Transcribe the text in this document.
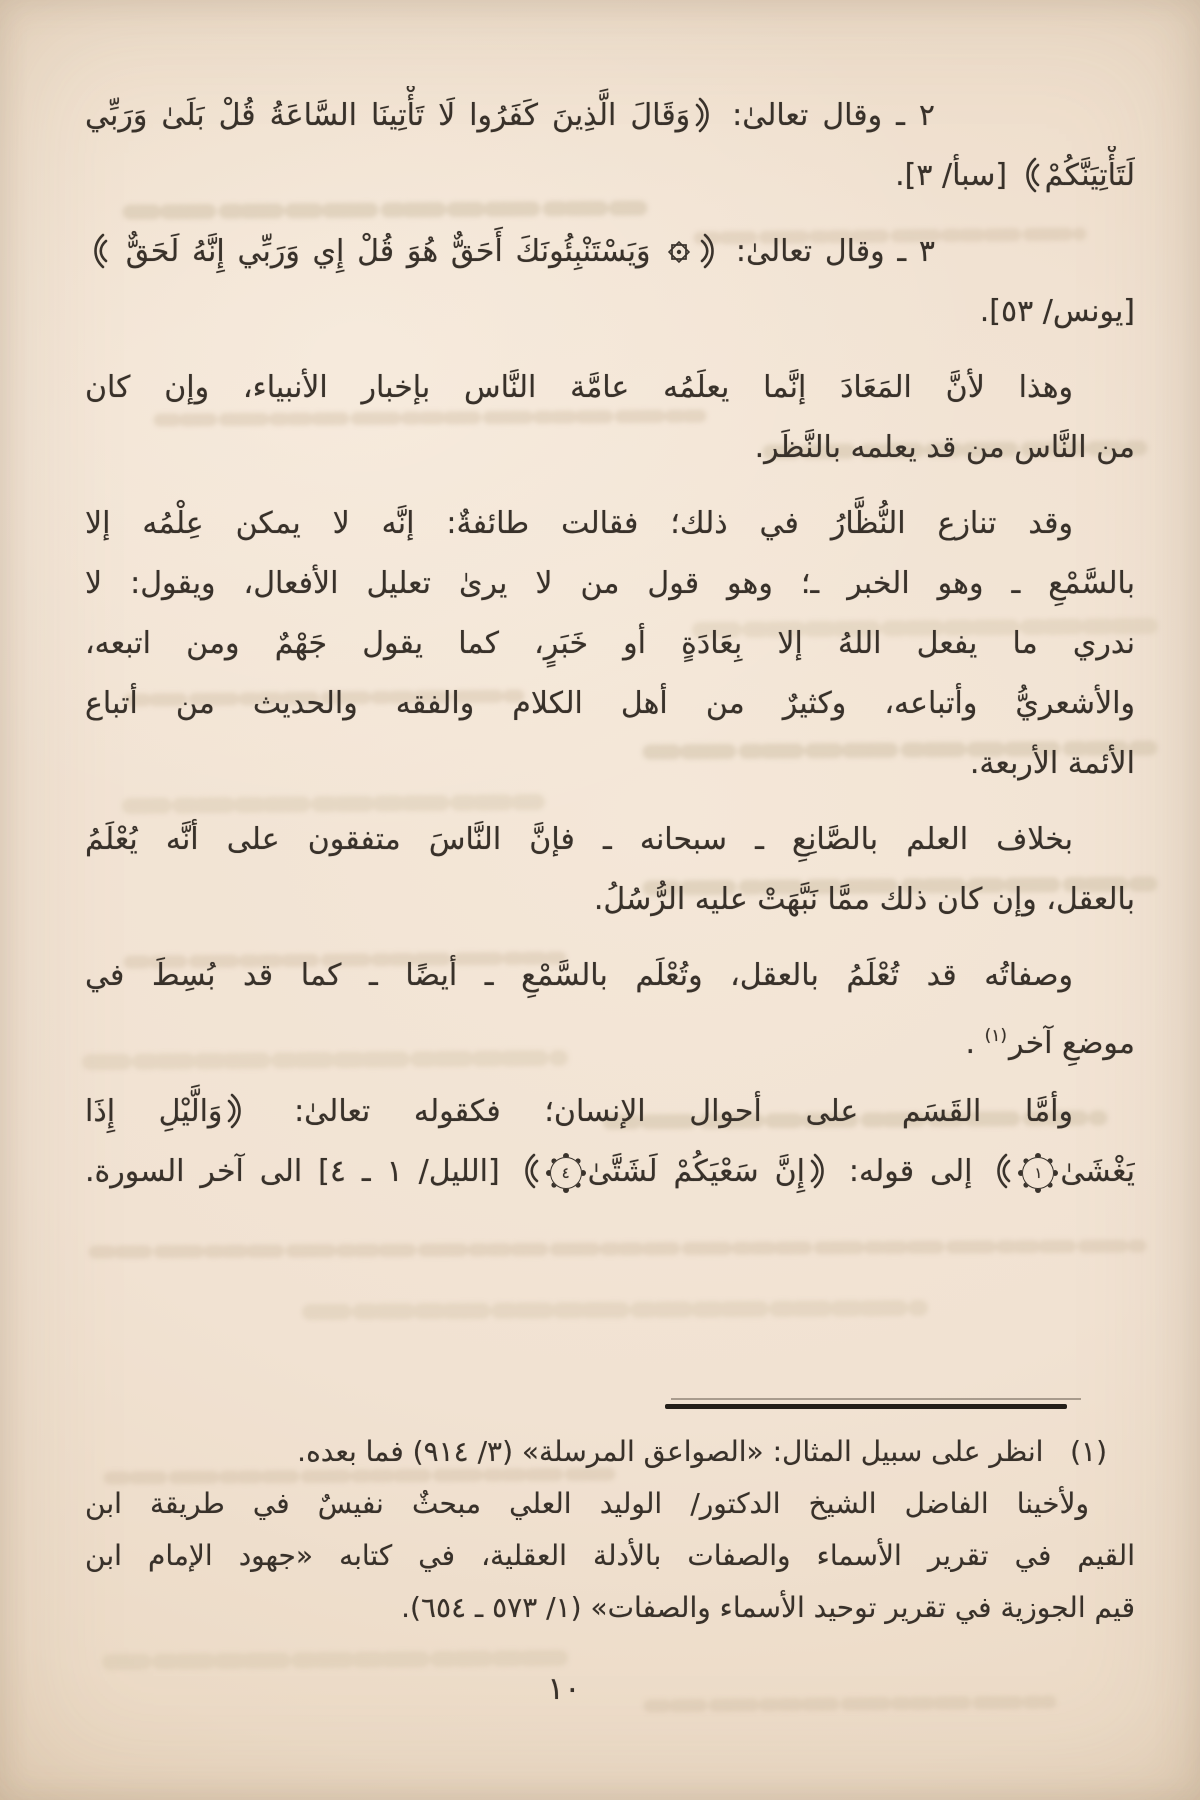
٢ ـ وقال تعالىٰ: وَقَالَ الَّذِينَ كَفَرُوا لَا تَأْتِينَا السَّاعَةُ قُلْ بَلَىٰ وَرَبِّي
لَتَأْتِيَنَّكُمْ [سبأ/ ٣].
٣ ـ وقال تعالىٰ:  وَيَسْتَنْبِئُونَكَ أَحَقٌّ هُوَ قُلْ إِي وَرَبِّي إِنَّهُ لَحَقٌّ
[يونس/ ٥٣].
وهذا لأنَّ المَعَادَ إنَّما يعلَمُه عامَّة النَّاس بإخبار الأنبياء، وإن كان
من النَّاس من قد يعلمه بالنَّظَر.
وقد تنازع النُّظَّارُ في ذلك؛ فقالت طائفةٌ: إنَّه لا يمكن عِلْمُه إلا
بالسَّمْعِ ـ وهو الخبر ـ؛ وهو قول من لا يرىٰ تعليل الأفعال، ويقول: لا
ندري ما يفعل اللهُ إلا بِعَادَةٍ أو خَبَرٍ، كما يقول جَهْمٌ ومن اتبعه،
والأشعريُّ وأتباعه، وكثيرٌ من أهل الكلام والفقه والحديث من أتباع
الأئمة الأربعة.
بخلاف العلم بالصَّانِعِ ـ سبحانه ـ فإنَّ النَّاسَ متفقون على أنَّه يُعْلَمُ
بالعقل، وإن كان ذلك ممَّا نَبَّهَتْ عليه الرُّسُلُ.
وصفاتُه قد تُعْلَمُ بالعقل، وتُعْلَم بالسَّمْعِ ـ أيضًا ـ كما قد بُسِطَ في
موضعِ آخر$^{(١)}$ .
وأمَّا القَسَم على أحوال الإنسان؛ فكقوله تعالىٰ: وَالَّيْلِ إِذَا
يَغْشَىٰ
١
إلى قوله: إِنَّ سَعْيَكُمْ لَشَتَّىٰ
٤
[الليل/ ١ ـ ٤] الى آخر السورة.
(١)   انظر على سبيل المثال: «الصواعق المرسلة» (٣/ ٩١٤) فما بعده.
ولأخينا الفاضل الشيخ الدكتور/ الوليد العلي مبحثٌ نفيسٌ في طريقة ابن
القيم في تقرير الأسماء والصفات بالأدلة العقلية، في كتابه «جهود الإمام ابن
قيم الجوزية في تقرير توحيد الأسماء والصفات» (١/ ٥٧٣ ـ ٦٥٤).
١٠
